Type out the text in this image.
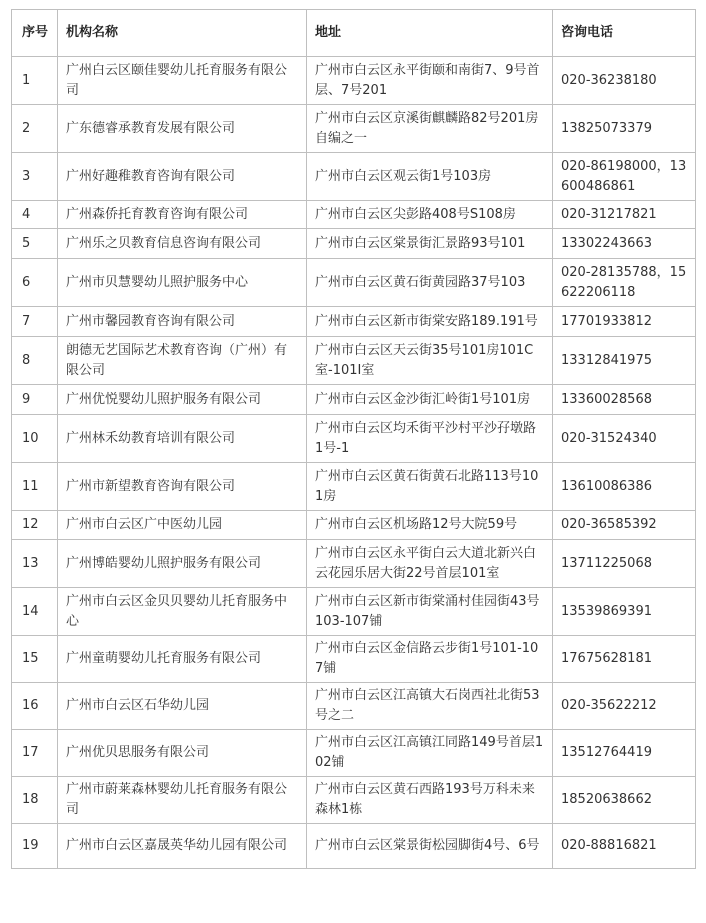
序号	机构名称	地址	咨询电话
1	广州白云区颐佳婴幼儿托育服务有限公司	广州市白云区永平街颐和南街7、9号首层、7号201	020-36238180
2	广东德睿承教育发展有限公司	广州市白云区京溪街麒麟路82号201房自编之一	13825073379
3	广州好趣稚教育咨询有限公司	广州市白云区观云街1号103房	020-86198000，13600486861
4	广州森侨托育教育咨询有限公司	广州市白云区尖彭路408号S108房	020-31217821
5	广州乐之贝教育信息咨询有限公司	广州市白云区棠景街汇景路93号101	13302243663
6	广州市贝慧婴幼儿照护服务中心	广州市白云区黄石街黄园路37号103	020-28135788，15622206118
7	广州市馨园教育咨询有限公司	广州市白云区新市街棠安路189.191号	17701933812
8	朗德无艺国际艺术教育咨询（广州）有限公司	广州市白云区天云街35号101房101C室-101I室	13312841975
9	广州优悦婴幼儿照护服务有限公司	广州市白云区金沙街汇岭街1号101房	13360028568
10	广州林禾幼教育培训有限公司	广州市白云区均禾街平沙村平沙孖墩路1号-1	020-31524340
11	广州市新望教育咨询有限公司	广州市白云区黄石街黄石北路113号101房	13610086386
12	广州市白云区广中医幼儿园	广州市白云区机场路12号大院59号	020-36585392
13	广州博皓婴幼儿照护服务有限公司	广州市白云区永平街白云大道北新兴白云花园乐居大街22号首层101室	13711225068
14	广州市白云区金贝贝婴幼儿托育服务中心	广州市白云区新市街棠涌村佳园街43号103-107铺	13539869391
15	广州童萌婴幼儿托育服务有限公司	广州市白云区金信路云步街1号101-107铺	17675628181
16	广州市白云区石华幼儿园	广州市白云区江高镇大石岗西社北街53号之二	020-35622212
17	广州优贝思服务有限公司	广州市白云区江高镇江同路149号首层102铺	13512764419
18	广州市蔚莱森林婴幼儿托育服务有限公司	广州市白云区黄石西路193号万科未来森林1栋	18520638662
19	广州市白云区嘉晟英华幼儿园有限公司	广州市白云区棠景街松园脚街4号、6号	020-88816821
